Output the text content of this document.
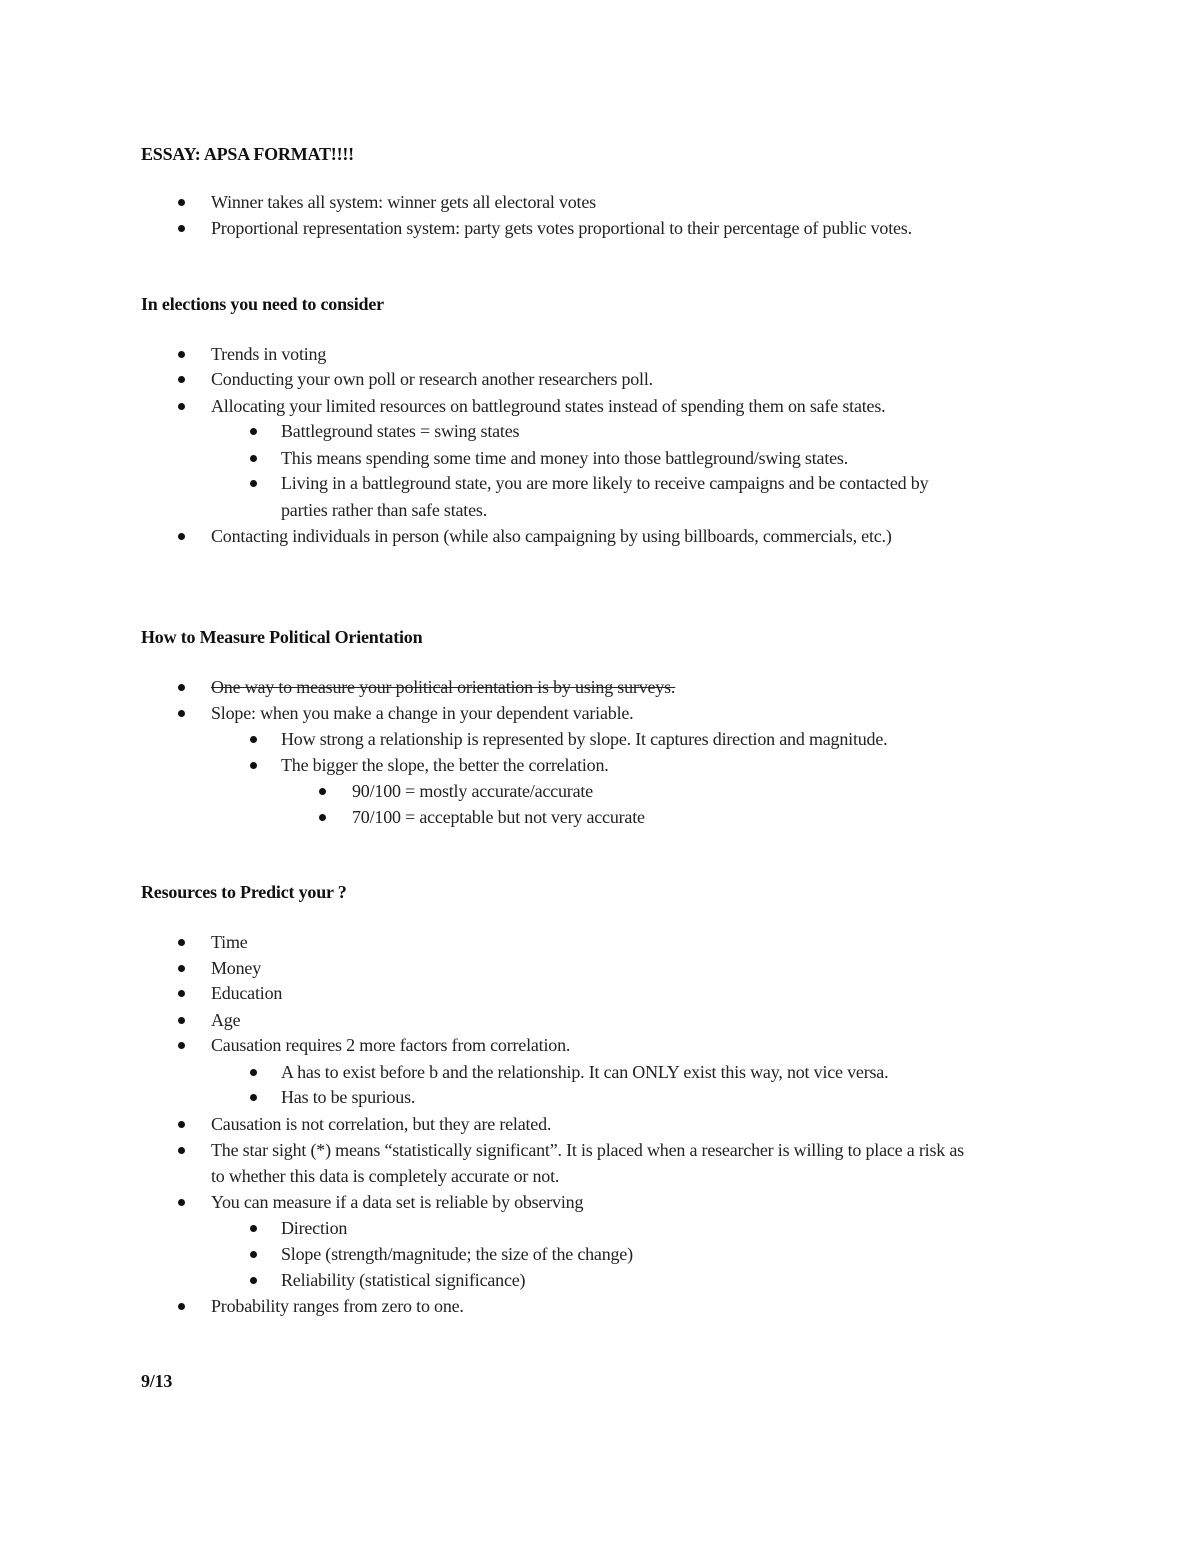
ESSAY: APSA FORMAT!!!!
Winner takes all system: winner gets all electoral votes
Proportional representation system: party gets votes proportional to their percentage of public votes.
In elections you need to consider
Trends in voting
Conducting your own poll or research another researchers poll.
Allocating your limited resources on battleground states instead of spending them on safe states.
Battleground states = swing states
This means spending some time and money into those battleground/swing states.
Living in a battleground state, you are more likely to receive campaigns and be contacted by
parties rather than safe states.
Contacting individuals in person (while also campaigning by using billboards, commercials, etc.)
How to Measure Political Orientation
One way to measure your political orientation is by using surveys.
Slope: when you make a change in your dependent variable.
How strong a relationship is represented by slope. It captures direction and magnitude.
The bigger the slope, the better the correlation.
90/100 = mostly accurate/accurate
70/100 = acceptable but not very accurate
Resources to Predict your ?
Time
Money
Education
Age
Causation requires 2 more factors from correlation.
A has to exist before b and the relationship. It can ONLY exist this way, not vice versa.
Has to be spurious.
Causation is not correlation, but they are related.
The star sight (*) means “statistically significant”. It is placed when a researcher is willing to place a risk as
to whether this data is completely accurate or not.
You can measure if a data set is reliable by observing
Direction
Slope (strength/magnitude; the size of the change)
Reliability (statistical significance)
Probability ranges from zero to one.
9/13
